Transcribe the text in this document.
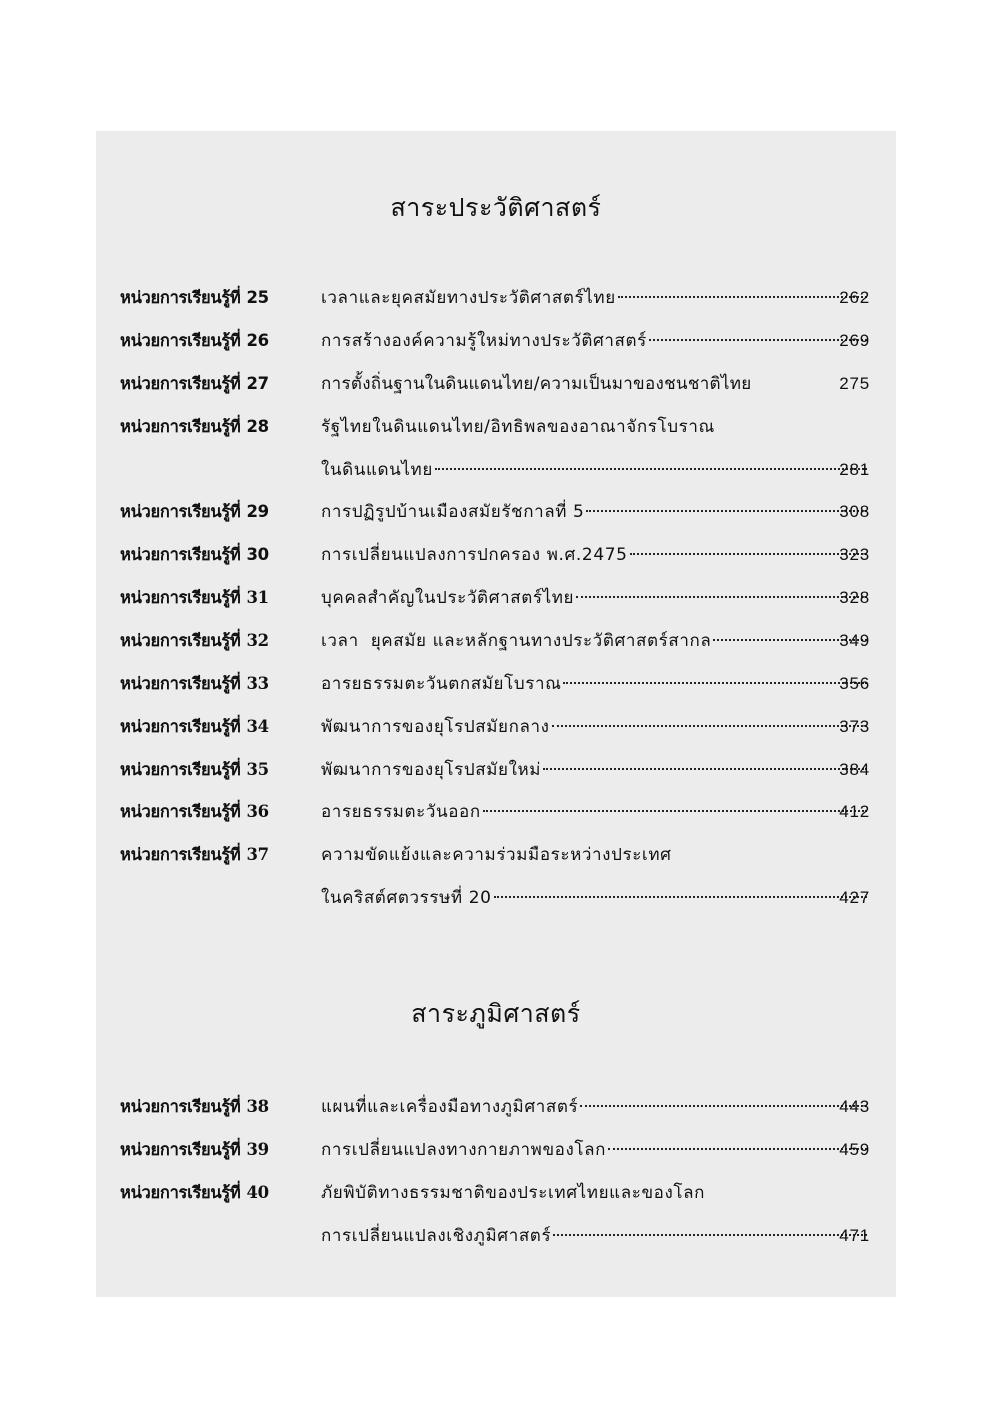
สาระประวัติศาสตร์
หน่วยการเรียนรู้ที่ 25	เวลาและยุคสมัยทางประวัติศาสตร์ไทย	262
หน่วยการเรียนรู้ที่ 26	การสร้างองค์ความรู้ใหม่ทางประวัติศาสตร์	269
หน่วยการเรียนรู้ที่ 27	การตั้งถิ่นฐานในดินแดนไทย/ความเป็นมาของชนชาติไทย	275
หน่วยการเรียนรู้ที่ 28	รัฐไทยในดินแดนไทย/อิทธิพลของอาณาจักรโบราณ
ในดินแดนไทย	281
หน่วยการเรียนรู้ที่ 29	การปฏิรูปบ้านเมืองสมัยรัชกาลที่ 5	308
หน่วยการเรียนรู้ที่ 30	การเปลี่ยนแปลงการปกครอง พ.ศ.2475	323
หน่วยการเรียนรู้ที่ 31	บุคคลสำคัญในประวัติศาสตร์ไทย	328
หน่วยการเรียนรู้ที่ 32	เวลา  ยุคสมัย และหลักฐานทางประวัติศาสตร์สากล	349
หน่วยการเรียนรู้ที่ 33	อารยธรรมตะวันตกสมัยโบราณ	356
หน่วยการเรียนรู้ที่ 34	พัฒนาการของยุโรปสมัยกลาง	373
หน่วยการเรียนรู้ที่ 35	พัฒนาการของยุโรปสมัยใหม่	384
หน่วยการเรียนรู้ที่ 36	อารยธรรมตะวันออก	412
หน่วยการเรียนรู้ที่ 37	ความขัดแย้งและความร่วมมือระหว่างประเทศ
ในคริสต์ศตวรรษที่ 20	427
สาระภูมิศาสตร์
หน่วยการเรียนรู้ที่ 38	แผนที่และเครื่องมือทางภูมิศาสตร์	443
หน่วยการเรียนรู้ที่ 39	การเปลี่ยนแปลงทางกายภาพของโลก	459
หน่วยการเรียนรู้ที่ 40	ภัยพิบัติทางธรรมชาติของประเทศไทยและของโลก
การเปลี่ยนแปลงเชิงภูมิศาสตร์	471
